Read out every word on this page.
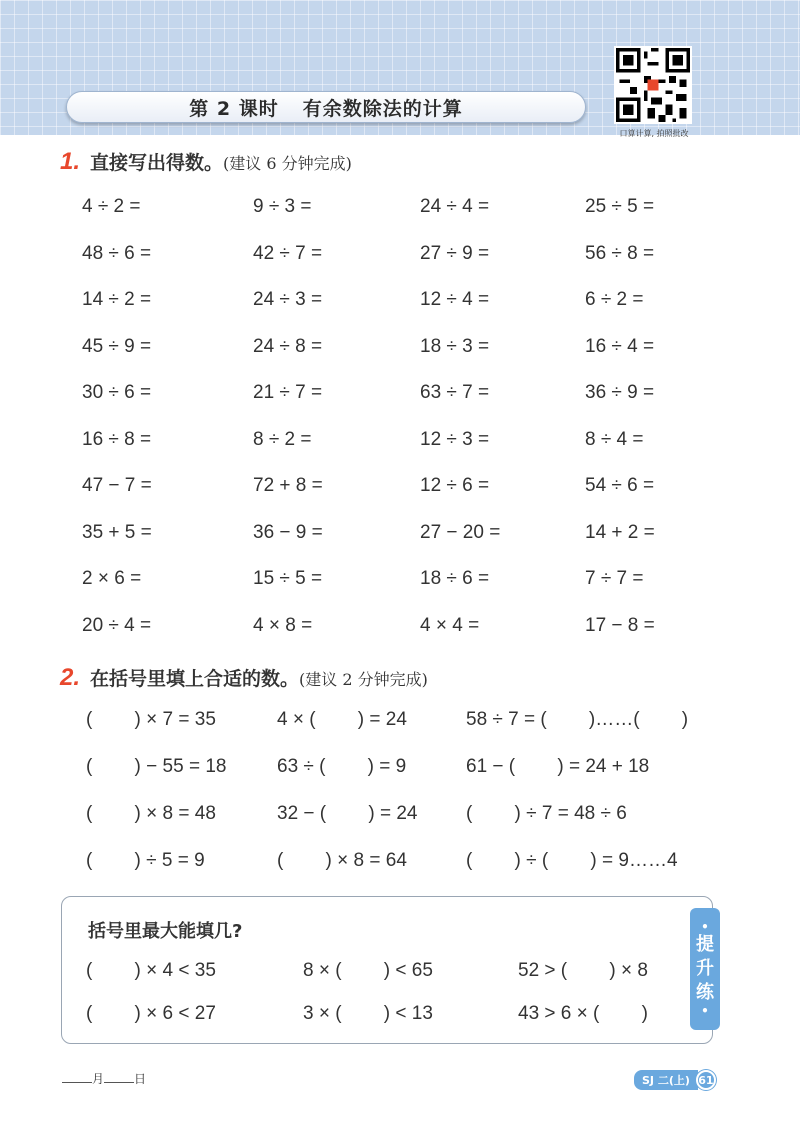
第 2 课时 有余数除法的计算
口算计算, 拍照批改
1. 直接写出得数。 (建议 6 分钟完成)
4 ÷ 2 =	9 ÷ 3 =	24 ÷ 4 =	25 ÷ 5 =
48 ÷ 6 =	42 ÷ 7 =	27 ÷ 9 =	56 ÷ 8 =
14 ÷ 2 =	24 ÷ 3 =	12 ÷ 4 =	6 ÷ 2 =
45 ÷ 9 =	24 ÷ 8 =	18 ÷ 3 =	16 ÷ 4 =
30 ÷ 6 =	21 ÷ 7 =	63 ÷ 7 =	36 ÷ 9 =
16 ÷ 8 =	8 ÷ 2 =	12 ÷ 3 =	8 ÷ 4 =
47 − 7 =	72 + 8 =	12 ÷ 6 =	54 ÷ 6 =
35 + 5 =	36 − 9 =	27 − 20 =	14 + 2 =
2 × 6 =	15 ÷ 5 =	18 ÷ 6 =	7 ÷ 7 =
20 ÷ 4 =	4 × 8 =	4 × 4 =	17 − 8 =
2. 在括号里填上合适的数。 (建议 2 分钟完成)
(        ) × 7 = 35	4 × (        ) = 24	58 ÷ 7 = (        )……(        )
(        ) − 55 = 18	63 ÷ (        ) = 9	61 − (        ) = 24 + 18
(        ) × 8 = 48	32 − (        ) = 24	(        ) ÷ 7 = 48 ÷ 6
(        ) ÷ 5 = 9	(        ) × 8 = 64	(        ) ÷ (        ) = 9……4
括号里最大能填几?
(        ) × 4 < 35	8 × (        ) < 65	52 > (        ) × 8
(        ) × 6 < 27	3 × (        ) < 13	43 > 6 × (        )
•
提
升
练
•
月	日	SJ 二(上) 61
